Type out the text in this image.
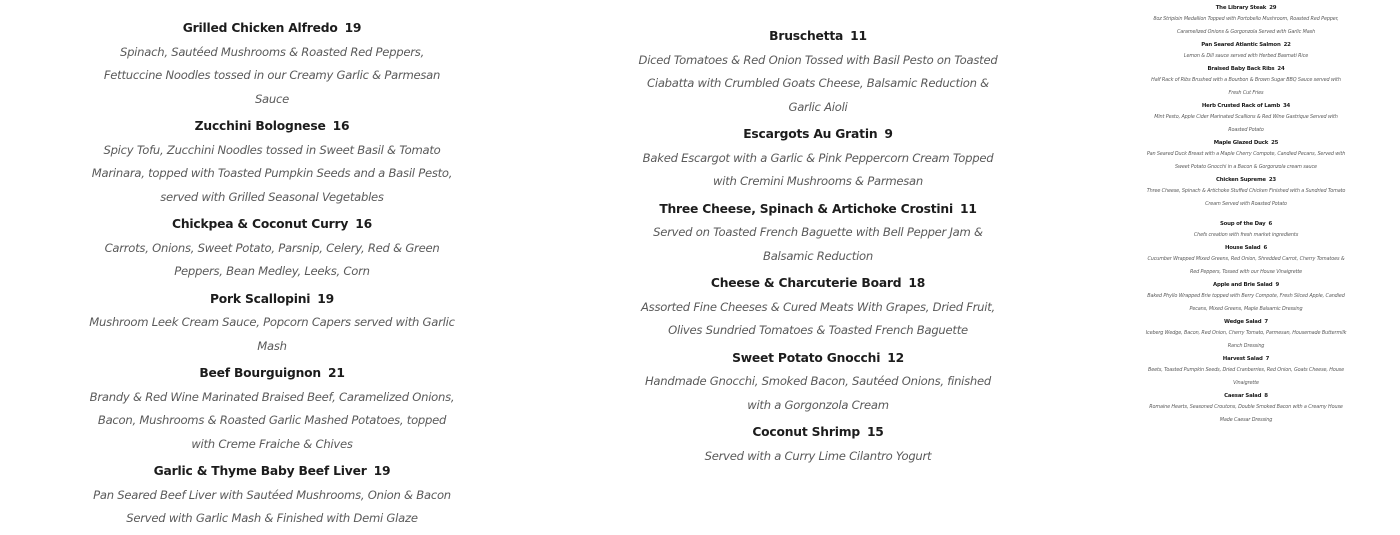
Grilled Chicken Alfredo 19
Spinach, Sautéed Mushrooms & Roasted Red Peppers, Fettuccine Noodles tossed in our Creamy Garlic & Parmesan Sauce
Zucchini Bolognese 16
Spicy Tofu, Zucchini Noodles tossed in Sweet Basil & Tomato Marinara, topped with Toasted Pumpkin Seeds and a Basil Pesto, served with Grilled Seasonal Vegetables
Chickpea & Coconut Curry 16
Carrots, Onions, Sweet Potato, Parsnip, Celery, Red & Green Peppers, Bean Medley, Leeks, Corn
Pork Scallopini 19
Mushroom Leek Cream Sauce, Popcorn Capers served with Garlic Mash
Beef Bourguignon 21
Brandy & Red Wine Marinated Braised Beef, Caramelized Onions, Bacon, Mushrooms & Roasted Garlic Mashed Potatoes, topped with Creme Fraiche & Chives
Garlic & Thyme Baby Beef Liver 19
Pan Seared Beef Liver with Sautéed Mushrooms, Onion & Bacon Served with Garlic Mash & Finished with Demi Glaze
Bruschetta 11
Diced Tomatoes & Red Onion Tossed with Basil Pesto on Toasted Ciabatta with Crumbled Goats Cheese, Balsamic Reduction & Garlic Aioli
Escargots Au Gratin 9
Baked Escargot with a Garlic & Pink Peppercorn Cream Topped with Cremini Mushrooms & Parmesan
Three Cheese, Spinach & Artichoke Crostini 11
Served on Toasted French Baguette with Bell Pepper Jam & Balsamic Reduction
Cheese & Charcuterie Board 18
Assorted Fine Cheeses & Cured Meats With Grapes, Dried Fruit, Olives Sundried Tomatoes & Toasted French Baguette
Sweet Potato Gnocchi 12
Handmade Gnocchi, Smoked Bacon, Sautéed Onions, finished with a Gorgonzola Cream
Coconut Shrimp 15
Served with a Curry Lime Cilantro Yogurt
The Library Steak 29
8oz Striploin Medallion Topped with Portobello Mushroom, Roasted Red Pepper, Caramelized Onions & Gorgonzola Served with Garlic Mash
Pan Seared Atlantic Salmon 22
Lemon & Dill sauce served with Herbed Basmati Rice
Braised Baby Back Ribs 24
Half Rack of Ribs Brushed with a Bourbon & Brown Sugar BBQ Sauce served with Fresh Cut Fries
Herb Crusted Rack of Lamb 34
Mint Pesto, Apple Cider Marinated Scallions & Red Wine Gastrique Served with Roasted Potato
Maple Glazed Duck 25
Pan Seared Duck Breast with a Maple Cherry Compote, Candied Pecans, Served with Sweet Potato Gnocchi in a Bacon & Gorgonzola cream sauce
Chicken Supreme 23
Three Cheese, Spinach & Artichoke Stuffed Chicken Finished with a Sundried Tomato Cream Served with Roasted Potato
Soup of the Day 6
Chefs creation with fresh market ingredients
House Salad 6
Cucumber Wrapped Mixed Greens, Red Onion, Shredded Carrot, Cherry Tomatoes & Red Peppers, Tossed with our House Vinaigrette
Apple and Brie Salad 9
Baked Phyllo Wrapped Brie topped with Berry Compote, Fresh Sliced Apple, Candied Pecans, Mixed Greens, Maple Balsamic Dressing
Wedge Salad 7
Iceberg Wedge, Bacon, Red Onion, Cherry Tomato, Parmesan, Housemade Buttermilk Ranch Dressing
Harvest Salad 7
Beets, Toasted Pumpkin Seeds, Dried Cranberries, Red Onion, Goats Cheese, House Vinaigrette
Caesar Salad 8
Romaine Hearts, Seasoned Croutons, Double Smoked Bacon with a Creamy House Made Caesar Dressing
